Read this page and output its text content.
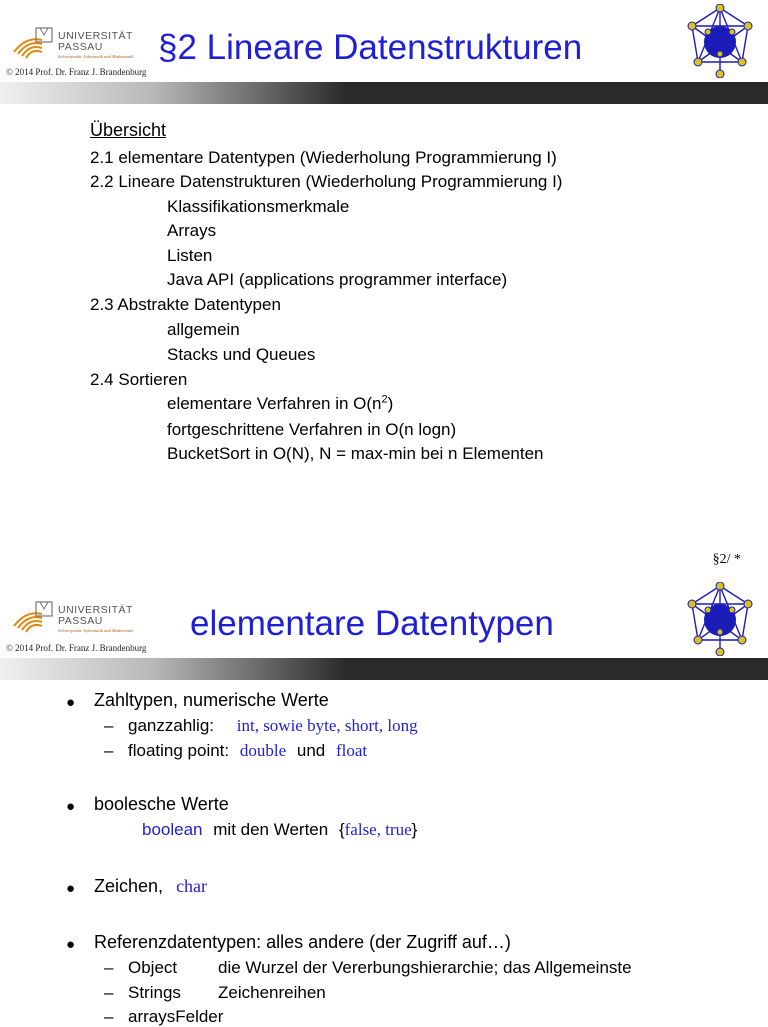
UNIVERSITÄT
PASSAU
Schwerpunkt: Informatik und Mathematik
© 2014 Prof. Dr. Franz J. Brandenburg
§2 Lineare Datenstrukturen
Übersicht
2.1 elementare Datentypen (Wiederholung Programmierung I)
2.2 Lineare Datenstrukturen (Wiederholung Programmierung I)
Klassifikationsmerkmale
Arrays
Listen
Java API (applications programmer interface)
2.3 Abstrakte Datentypen
allgemein
Stacks und Queues
2.4 Sortieren
elementare Verfahren in $O(n^2)$
fortgeschrittene Verfahren in O(n logn)
BucketSort in O(N), N = max-min bei n Elementen
§2/ *
UNIVERSITÄT
PASSAU
Schwerpunkt: Informatik und Mathematik
© 2014 Prof. Dr. Franz J. Brandenburg
elementare Datentypen
● Zahltypen, numerische Werte
– ganzzahlig: int, sowie byte, short, long
– floating point: double und float
● boolesche Werte
boolean mit den Werten {false, true}
● Zeichen, char
● Referenzdatentypen: alles andere (der Zugriff auf…)
– Object die Wurzel der Vererbungshierarchie; das Allgemeinste
– Strings Zeichenreihen
– arraysFelder
